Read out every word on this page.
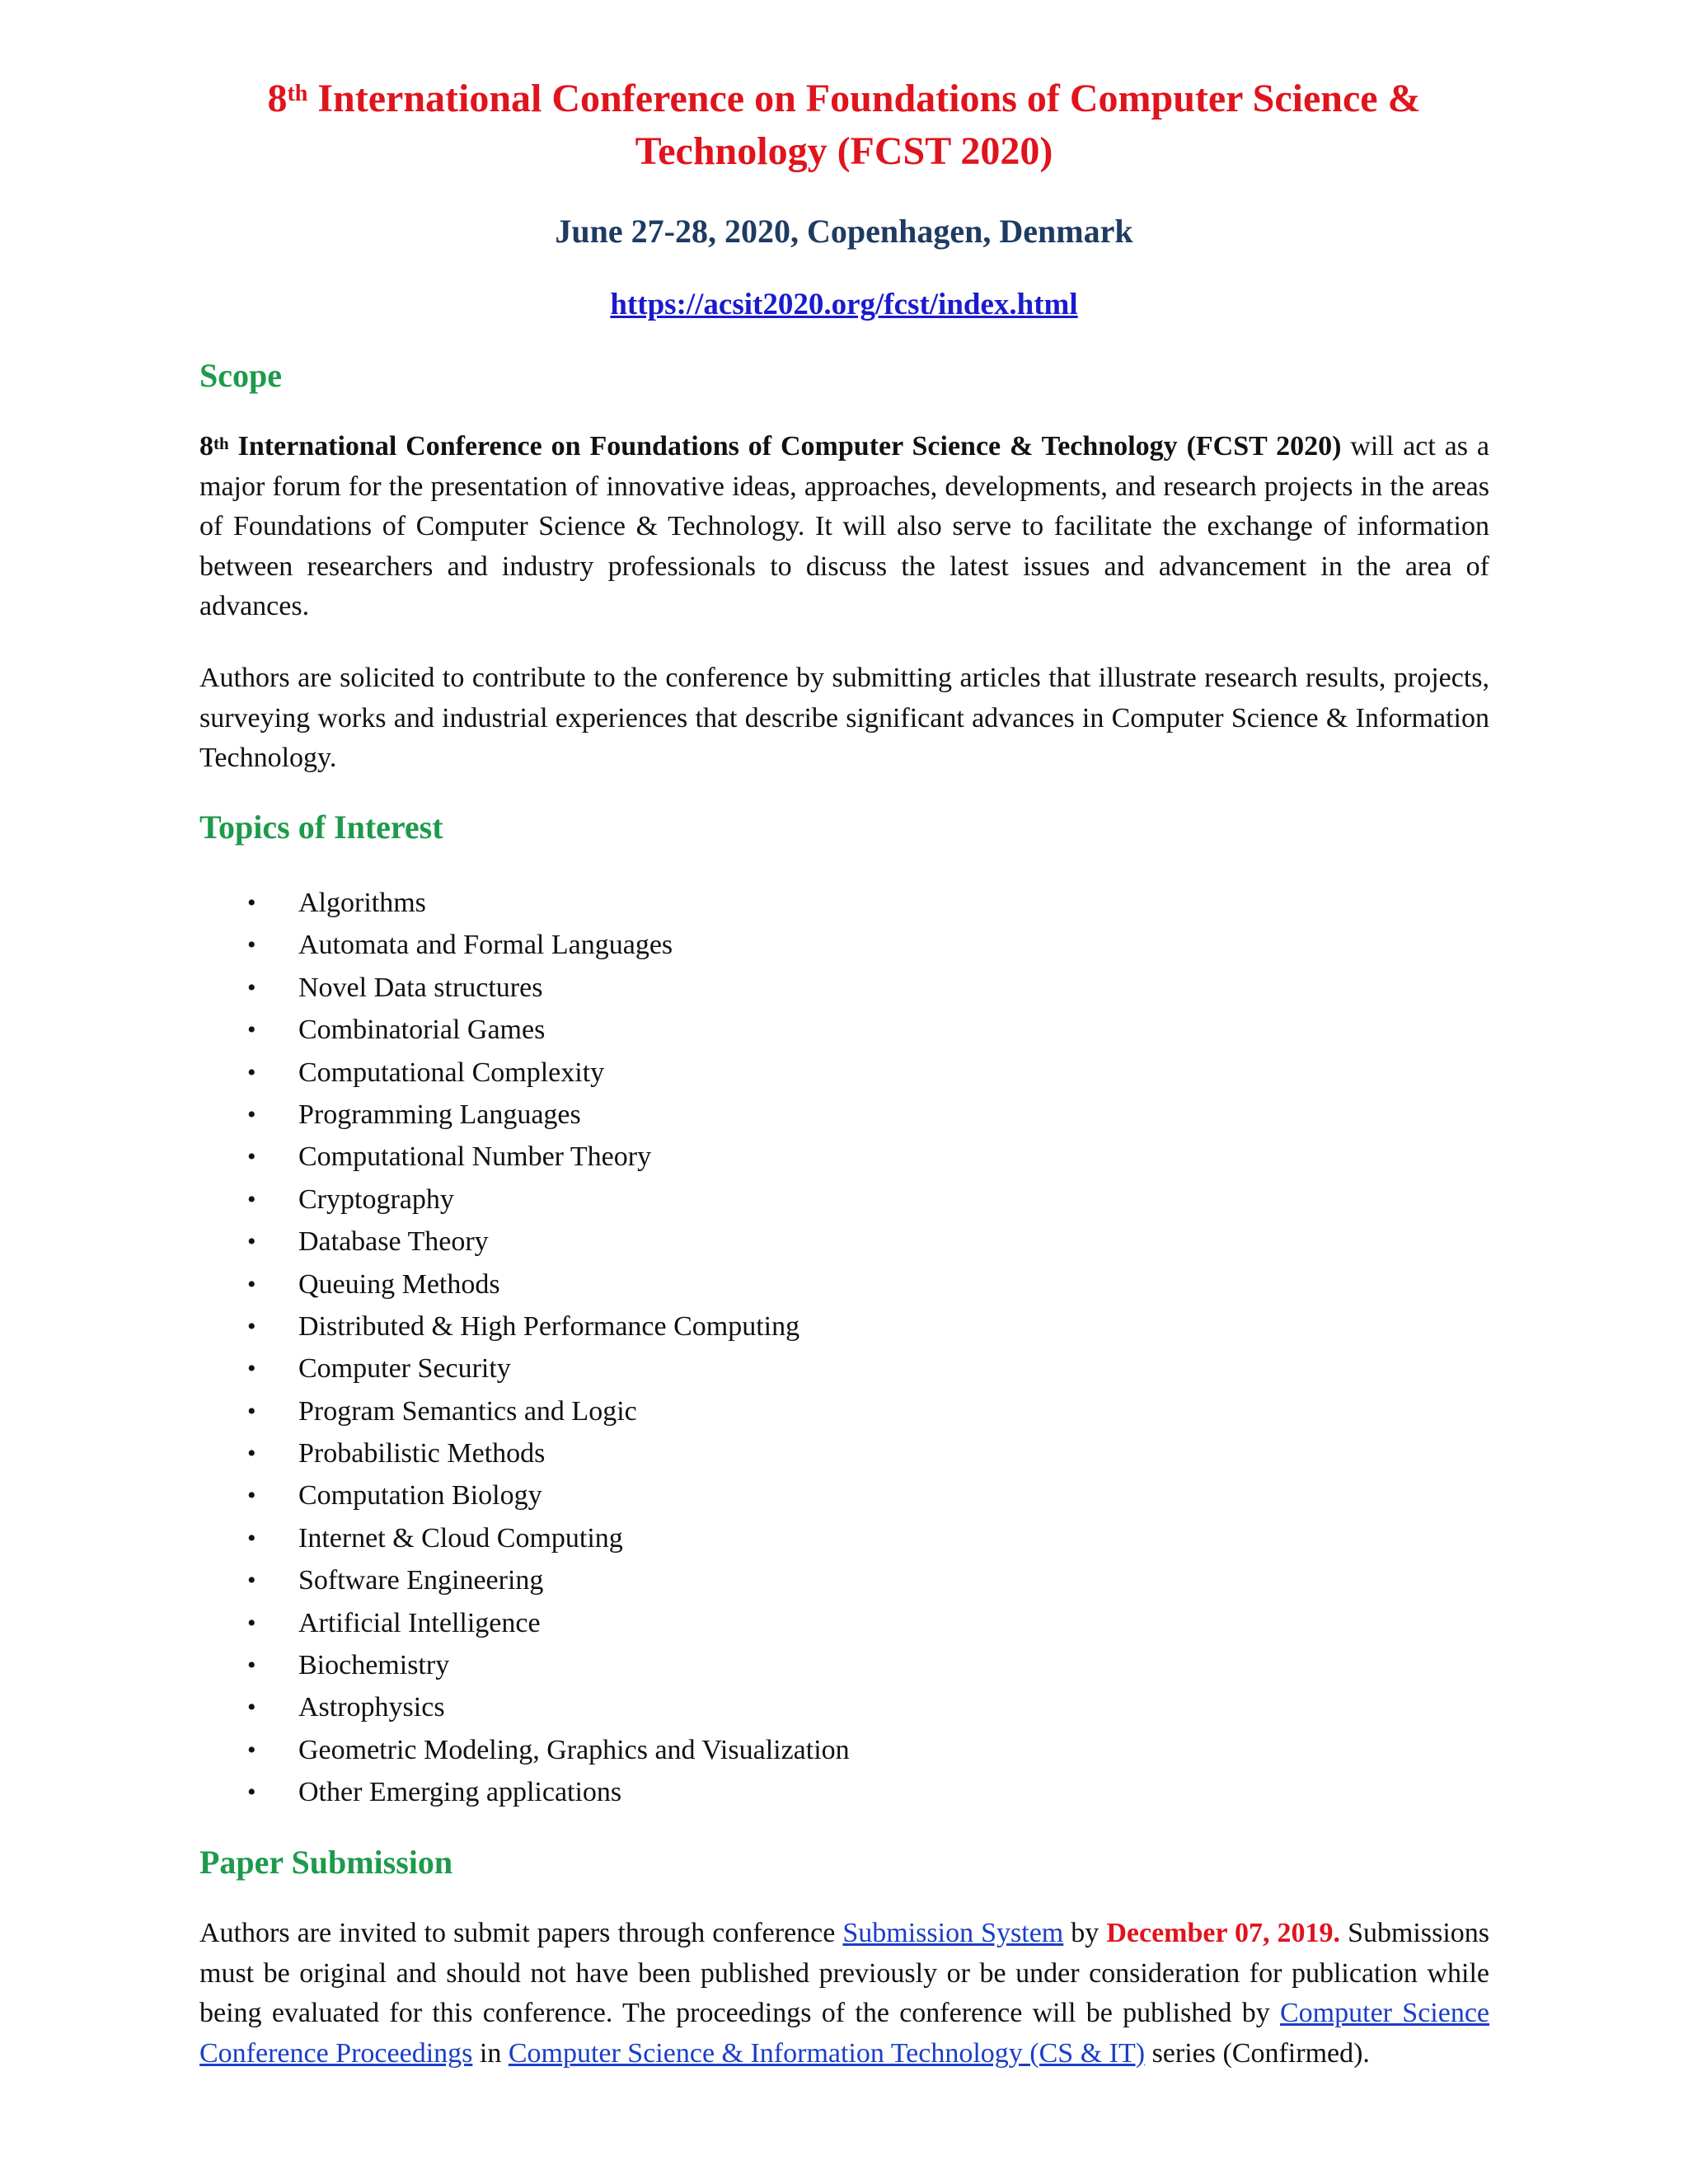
8th International Conference on Foundations of Computer Science &
Technology (FCST 2020)
June 27-28, 2020, Copenhagen, Denmark
https://acsit2020.org/fcst/index.html
Scope
8th International Conference on Foundations of Computer Science & Technology (FCST 2020) will act as a major forum for the presentation of innovative ideas, approaches, developments, and research projects in the areas of Foundations of Computer Science & Technology. It will also serve to facilitate the exchange of information between researchers and industry professionals to discuss the latest issues and advancement in the area of advances.
Authors are solicited to contribute to the conference by submitting articles that illustrate research results, projects, surveying works and industrial experiences that describe significant advances in Computer Science & Information Technology.
Topics of Interest
• Algorithms
• Automata and Formal Languages
• Novel Data structures
• Combinatorial Games
• Computational Complexity
• Programming Languages
• Computational Number Theory
• Cryptography
• Database Theory
• Queuing Methods
• Distributed & High Performance Computing
• Computer Security
• Program Semantics and Logic
• Probabilistic Methods
• Computation Biology
• Internet & Cloud Computing
• Software Engineering
• Artificial Intelligence
• Biochemistry
• Astrophysics
• Geometric Modeling, Graphics and Visualization
• Other Emerging applications
Paper Submission
Authors are invited to submit papers through conference Submission System by December 07, 2019. Submissions must be original and should not have been published previously or be under consideration for publication while being evaluated for this conference. The proceedings of the conference will be published by Computer Science Conference Proceedings in Computer Science & Information Technology (CS & IT) series (Confirmed).
